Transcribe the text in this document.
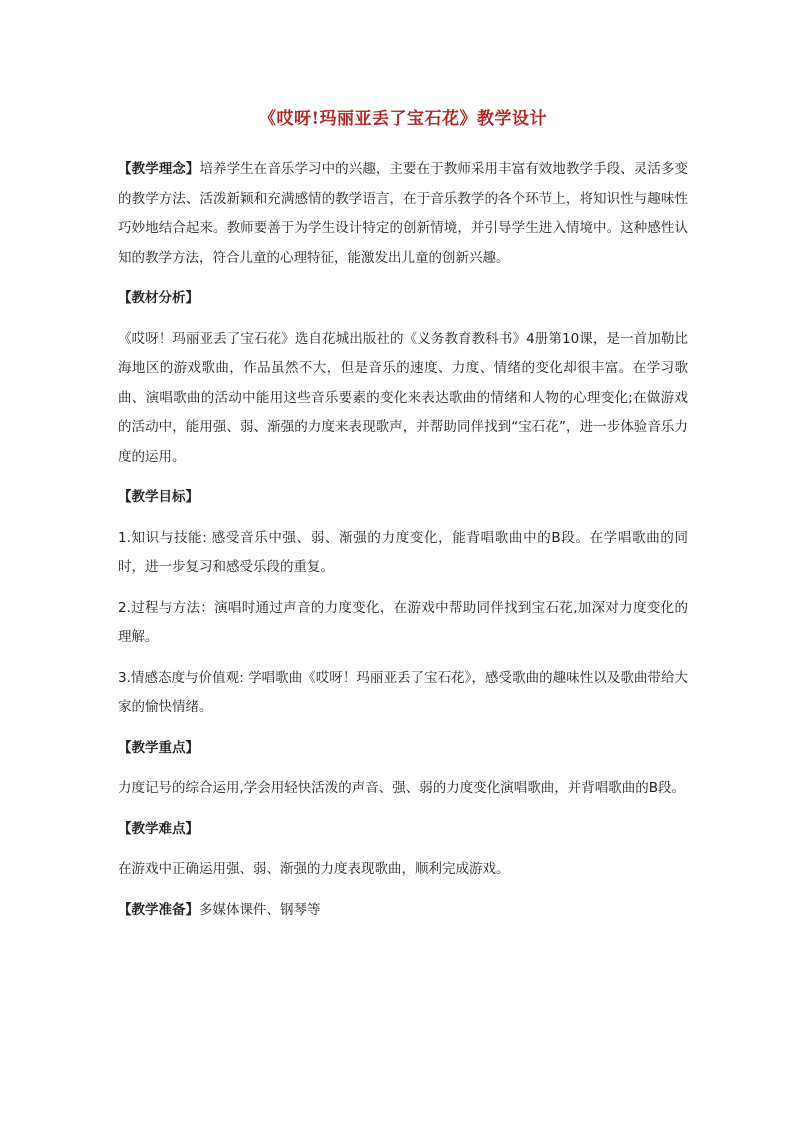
《哎呀!玛丽亚丢了宝石花》教学设计

【教学理念】培养学生在音乐学习中的兴趣，主要在于教师采用丰富有效地教学手段、灵活多变的教学方法、活泼新颖和充满感情的教学语言，在于音乐教学的各个环节上，将知识性与趣味性巧妙地结合起来。教师要善于为学生设计特定的创新情境，并引导学生进入情境中。这种感性认知的教学方法，符合儿童的心理特征，能激发出儿童的创新兴趣。

【教材分析】

《哎呀！玛丽亚丢了宝石花》选自花城出版社的《义务教育教科书》4册第10课，是一首加勒比海地区的游戏歌曲，作品虽然不大，但是音乐的速度、力度、情绪的变化却很丰富。在学习歌曲、演唱歌曲的活动中能用这些音乐要素的变化来表达歌曲的情绪和人物的心理变化;在做游戏的活动中，能用强、弱、渐强的力度来表现歌声，并帮助同伴找到“宝石花”，进一步体验音乐力度的运用。

【教学目标】

1.知识与技能: 感受音乐中强、弱、渐强的力度变化，能背唱歌曲中的B段。在学唱歌曲的同时，进一步复习和感受乐段的重复。

2.过程与方法：演唱时通过声音的力度变化，在游戏中帮助同伴找到宝石花,加深对力度变化的理解。

3.情感态度与价值观: 学唱歌曲《哎呀！玛丽亚丢了宝石花》，感受歌曲的趣味性以及歌曲带给大家的愉快情绪。

【教学重点】

力度记号的综合运用,学会用轻快活泼的声音、强、弱的力度变化演唱歌曲，并背唱歌曲的B段。

【教学难点】

在游戏中正确运用强、弱、渐强的力度表现歌曲，顺利完成游戏。

【教学准备】多媒体课件、钢琴等
